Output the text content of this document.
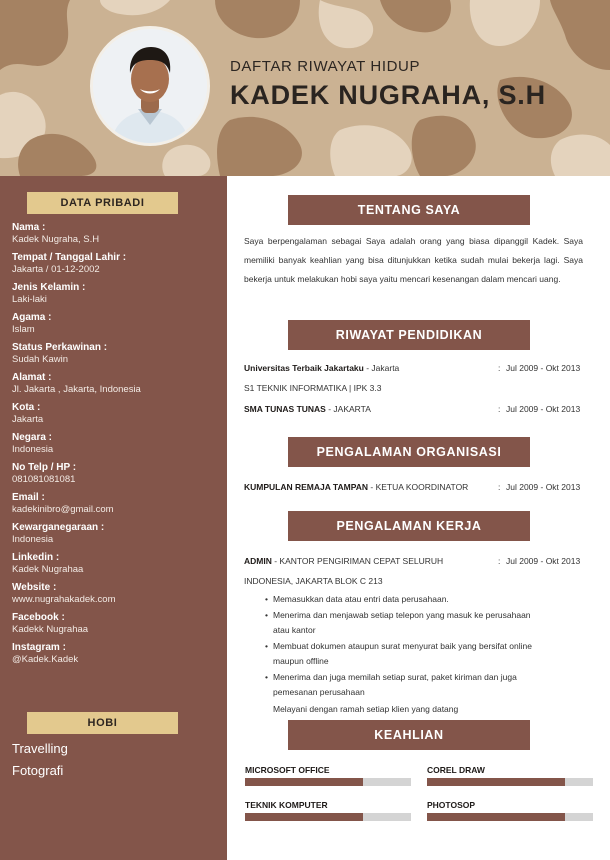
DAFTAR RIWAYAT HIDUP
KADEK NUGRAHA, S.H
DATA PRIBADI
Nama :
Kadek Nugraha, S.H
Tempat / Tanggal Lahir :
Jakarta / 01-12-2002
Jenis Kelamin :
Laki-laki
Agama :
Islam
Status Perkawinan :
Sudah Kawin
Alamat :
Jl. Jakarta , Jakarta, Indonesia
Kota :
Jakarta
Negara :
Indonesia
No Telp / HP :
081081081081
Email :
kadekinibro@gmail.com
Kewarganegaraan :
Indonesia
Linkedin :
Kadek Nugrahaa
Website :
www.nugrahakadek.com
Facebook :
Kadekk Nugrahaa
Instagram :
@Kadek.Kadek
HOBI
Travelling
Fotografi
TENTANG SAYA
Saya berpengalaman sebagai Saya adalah orang yang biasa dipanggil Kadek. Saya memiliki banyak keahlian yang bisa ditunjukkan ketika sudah mulai bekerja lagi. Saya bekerja untuk melakukan hobi saya yaitu mencari kesenangan dalam mencari uang.
RIWAYAT PENDIDIKAN
Universitas Terbaik Jakartaku - Jakarta	: Jul 2009 - Okt 2013
S1 TEKNIK INFORMATIKA | IPK 3.3
SMA TUNAS TUNAS - JAKARTA	: Jul 2009 - Okt 2013
PENGALAMAN ORGANISASI
KUMPULAN REMAJA TAMPAN - KETUA KOORDINATOR	: Jul 2009 - Okt 2013
PENGALAMAN KERJA
ADMIN - KANTOR PENGIRIMAN CEPAT SELURUH	: Jul 2009 - Okt 2013
INDONESIA, JAKARTA BLOK C 213
• Memasukkan data atau entri data perusahaan.
• Menerima dan menjawab setiap telepon yang masuk ke perusahaan
atau kantor
• Membuat dokumen ataupun surat menyurat baik yang bersifat online
maupun offline
• Menerima dan juga memilah setiap surat, paket kiriman dan juga
pemesanan perusahaan
Melayani dengan ramah setiap klien yang datang
KEAHLIAN
MICROSOFT OFFICE	COREL DRAW
TEKNIK KOMPUTER	PHOTOSOP
